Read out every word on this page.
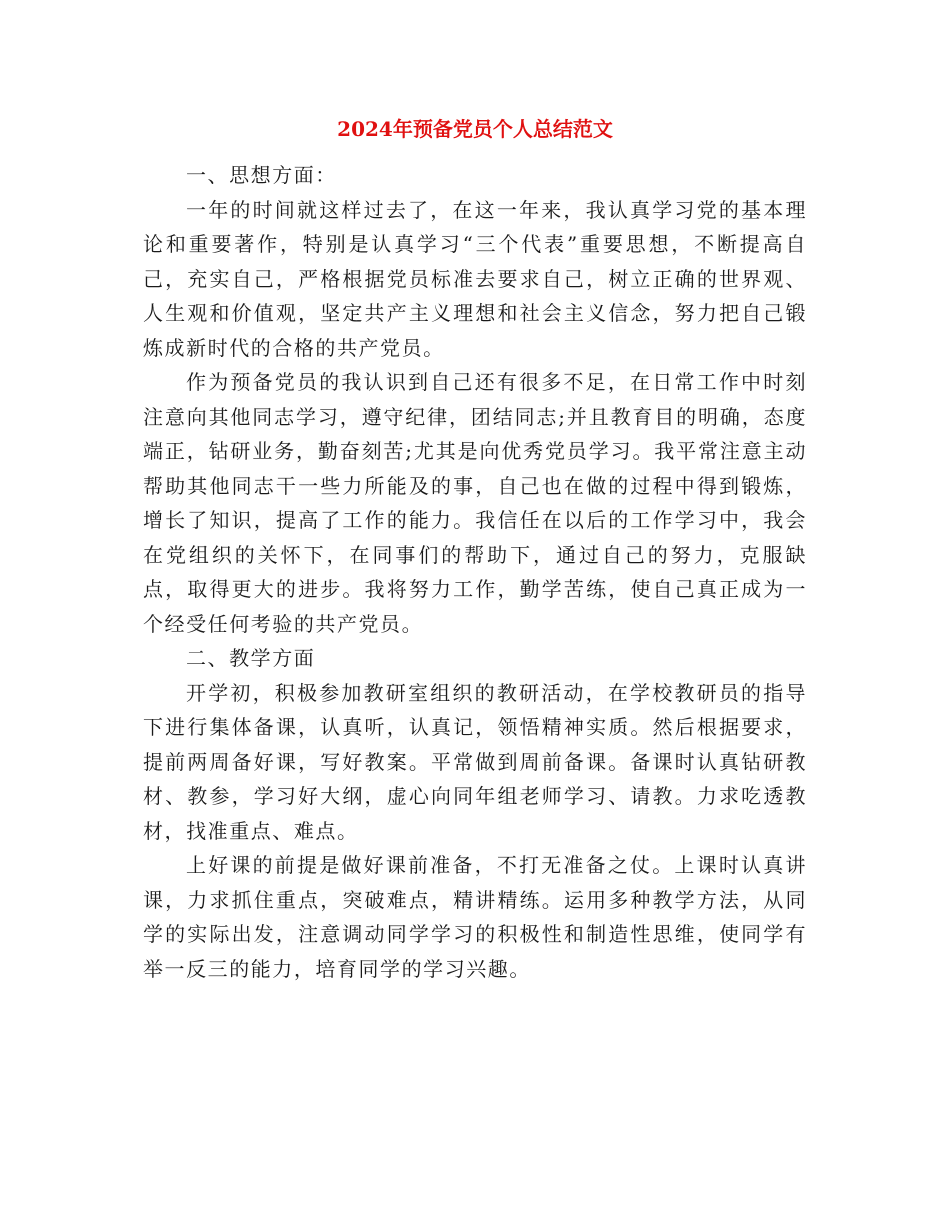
2024年预备党员个人总结范文
一、思想方面：

一年的时间就这样过去了，在这一年来，我认真学习党的基本理论和重要著作，特别是认真学习“三个代表”重要思想，不断提高自己，充实自己，严格根据党员标准去要求自己，树立正确的世界观、人生观和价值观，坚定共产主义理想和社会主义信念，努力把自己锻炼成新时代的合格的共产党员。

作为预备党员的我认识到自己还有很多不足，在日常工作中时刻注意向其他同志学习，遵守纪律，团结同志;并且教育目的明确，态度端正，钻研业务，勤奋刻苦;尤其是向优秀党员学习。我平常注意主动帮助其他同志干一些力所能及的事，自己也在做的过程中得到锻炼，增长了知识，提高了工作的能力。我信任在以后的工作学习中，我会在党组织的关怀下，在同事们的帮助下，通过自己的努力，克服缺点，取得更大的进步。我将努力工作，勤学苦练，使自己真正成为一个经受任何考验的共产党员。

二、教学方面

开学初，积极参加教研室组织的教研活动，在学校教研员的指导下进行集体备课，认真听，认真记，领悟精神实质。然后根据要求，提前两周备好课，写好教案。平常做到周前备课。备课时认真钻研教材、教参，学习好大纲，虚心向同年组老师学习、请教。力求吃透教材，找准重点、难点。

上好课的前提是做好课前准备，不打无准备之仗。上课时认真讲课，力求抓住重点，突破难点，精讲精练。运用多种教学方法，从同学的实际出发，注意调动同学学习的积极性和制造性思维，使同学有举一反三的能力，培育同学的学习兴趣。
